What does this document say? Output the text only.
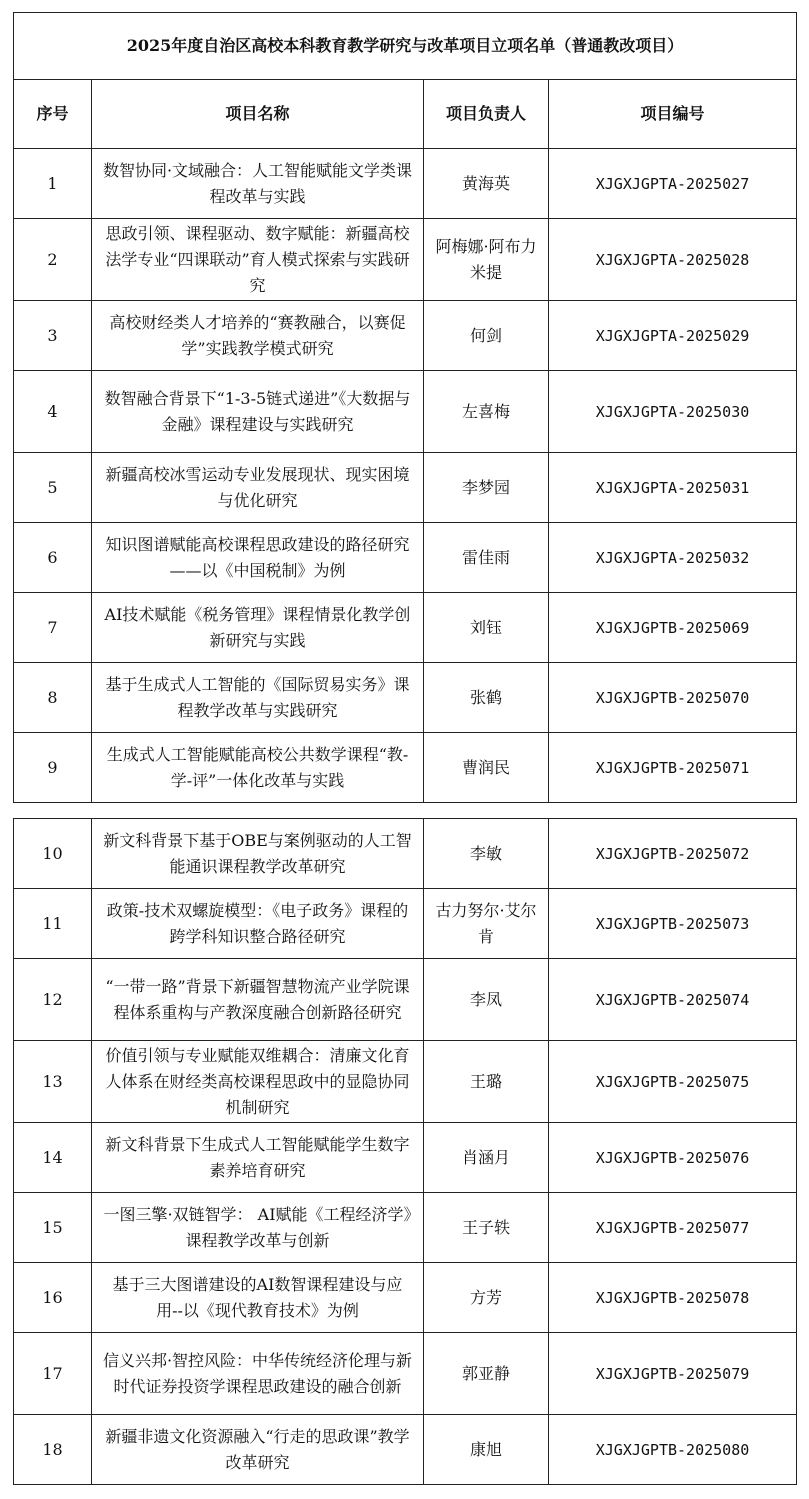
2025年度自治区高校本科教育教学研究与改革项目立项名单（普通教改项目）			
序号	项目名称	项目负责人	项目编号
1	数智协同·文域融合：人工智能赋能文学类课程改革与实践	黄海英	XJGXJGPTA-2025027
2	思政引领、课程驱动、数字赋能：新疆高校法学专业“四课联动”育人模式探索与实践研究	阿梅娜·阿布力米提	XJGXJGPTA-2025028
3	高校财经类人才培养的“赛教融合，以赛促学”实践教学模式研究	何剑	XJGXJGPTA-2025029
4	数智融合背景下“1-3-5链式递进”《大数据与金融》课程建设与实践研究	左喜梅	XJGXJGPTA-2025030
5	新疆高校冰雪运动专业发展现状、现实困境与优化研究	李梦园	XJGXJGPTA-2025031
6	知识图谱赋能高校课程思政建设的路径研究——以《中国税制》为例	雷佳雨	XJGXJGPTA-2025032
7	AI技术赋能《税务管理》课程情景化教学创新研究与实践	刘钰	XJGXJGPTB-2025069
8	基于生成式人工智能的《国际贸易实务》课程教学改革与实践研究	张鹤	XJGXJGPTB-2025070
9	生成式人工智能赋能高校公共数学课程“教-学-评”一体化改革与实践	曹润民	XJGXJGPTB-2025071
10	新文科背景下基于OBE与案例驱动的人工智能通识课程教学改革研究	李敏	XJGXJGPTB-2025072
11	政策-技术双螺旋模型：《电子政务》课程的跨学科知识整合路径研究	古力努尔·艾尔肯	XJGXJGPTB-2025073
12	“一带一路”背景下新疆智慧物流产业学院课程体系重构与产教深度融合创新路径研究	李凤	XJGXJGPTB-2025074
13	价值引领与专业赋能双维耦合：清廉文化育人体系在财经类高校课程思政中的显隐协同机制研究	王璐	XJGXJGPTB-2025075
14	新文科背景下生成式人工智能赋能学生数字素养培育研究	肖涵月	XJGXJGPTB-2025076
15	一图三擎·双链智学： AI赋能《工程经济学》课程教学改革与创新	王子轶	XJGXJGPTB-2025077
16	基于三大图谱建设的AI数智课程建设与应用--以《现代教育技术》为例	方芳	XJGXJGPTB-2025078
17	信义兴邦·智控风险：中华传统经济伦理与新时代证券投资学课程思政建设的融合创新	郭亚静	XJGXJGPTB-2025079
18	新疆非遗文化资源融入“行走的思政课”教学改革研究	康旭	XJGXJGPTB-2025080
